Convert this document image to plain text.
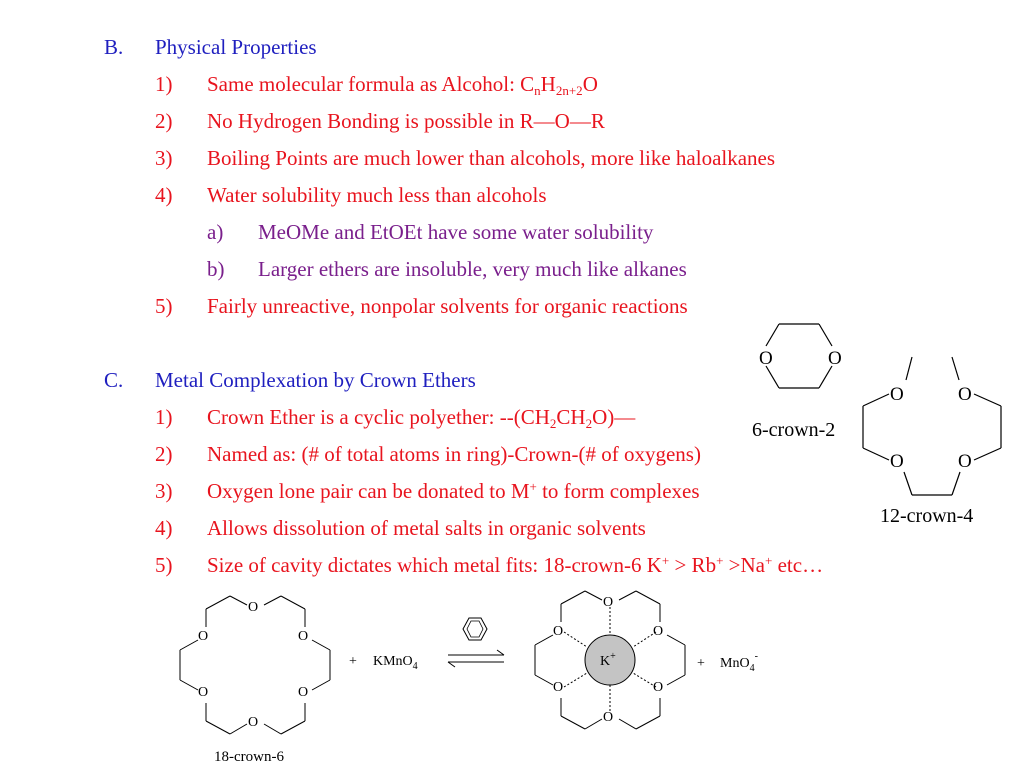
B. Physical Properties
1) Same molecular formula as Alcohol: $C_nH_{2n+2}O$
2) No Hydrogen Bonding is possible in R—O—R
3) Boiling Points are much lower than alcohols, more like haloalkanes
4) Water solubility much less than alcohols
a) MeOMe and EtOEt have some water solubility
b) Larger ethers are insoluble, very much like alkanes
5) Fairly unreactive, nonpolar solvents for organic reactions
C. Metal Complexation by Crown Ethers
1) Crown Ether is a cyclic polyether: $--(CH_2CH_2O)—$
2) Named as: (# of total atoms in ring)-Crown-(# of oxygens)
3) Oxygen lone pair can be donated to M+ to form complexes
4) Allows dissolution of metal salts in organic solvents
5) Size of cavity dictates which metal fits: 18-crown-6 K+ > Rb+ >Na+ etc…
O	O
6-crown-2
O	O
O	O
12-crown-4
O
O	O
O	O
O
18-crown-6
+ KMnO$_4$	K+
O
O	O
O	O
O
+ MnO$_4$-
